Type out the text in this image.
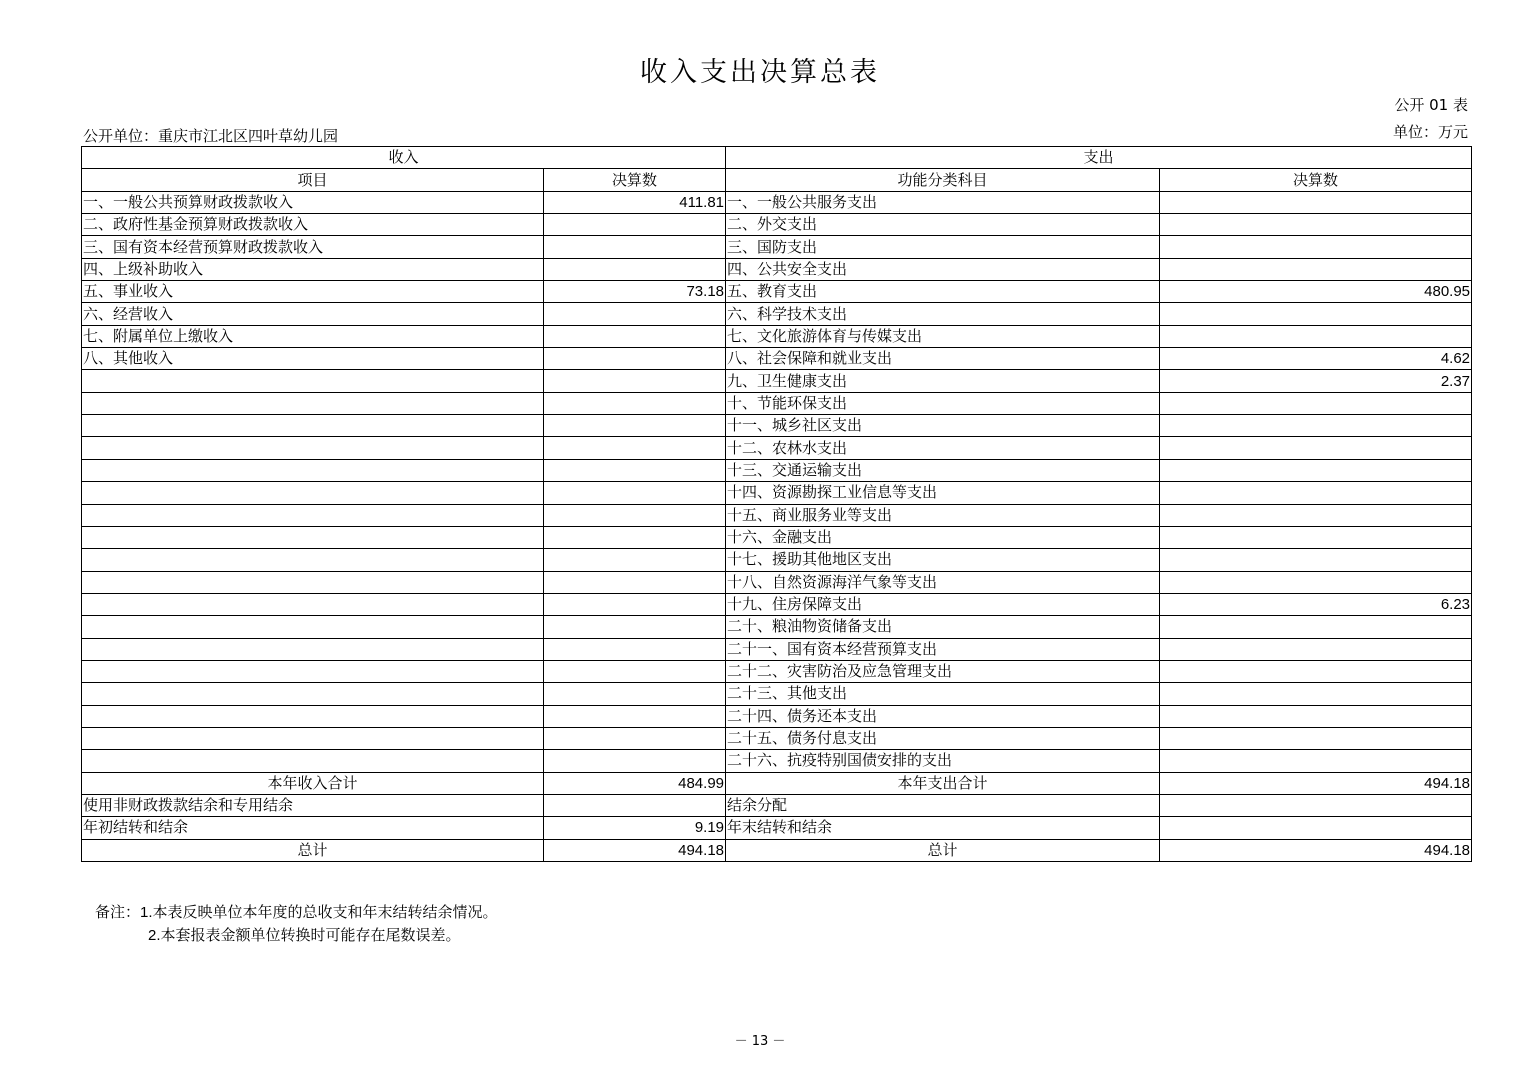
收入支出决算总表
公开 01 表
单位：万元
公开单位：重庆市江北区四叶草幼儿园
收入		支出	
项目	决算数	功能分类科目	决算数
一、一般公共预算财政拨款收入	411.81	一、一般公共服务支出	
二、政府性基金预算财政拨款收入		二、外交支出	
三、国有资本经营预算财政拨款收入		三、国防支出	
四、上级补助收入		四、公共安全支出	
五、事业收入	73.18	五、教育支出	480.95
六、经营收入		六、科学技术支出	
七、附属单位上缴收入		七、文化旅游体育与传媒支出	
八、其他收入		八、社会保障和就业支出	4.62
		九、卫生健康支出	2.37
		十、节能环保支出	
		十一、城乡社区支出	
		十二、农林水支出	
		十三、交通运输支出	
		十四、资源勘探工业信息等支出	
		十五、商业服务业等支出	
		十六、金融支出	
		十七、援助其他地区支出	
		十八、自然资源海洋气象等支出	
		十九、住房保障支出	6.23
		二十、粮油物资储备支出	
		二十一、国有资本经营预算支出	
		二十二、灾害防治及应急管理支出	
		二十三、其他支出	
		二十四、债务还本支出	
		二十五、债务付息支出	
		二十六、抗疫特别国债安排的支出	
本年收入合计	484.99	本年支出合计	494.18
使用非财政拨款结余和专用结余		结余分配	
年初结转和结余	9.19	年末结转和结余	
总计	494.18	总计	494.18
备注：1.本表反映单位本年度的总收支和年末结转结余情况。
2.本套报表金额单位转换时可能存在尾数误差。
－ 13 －
